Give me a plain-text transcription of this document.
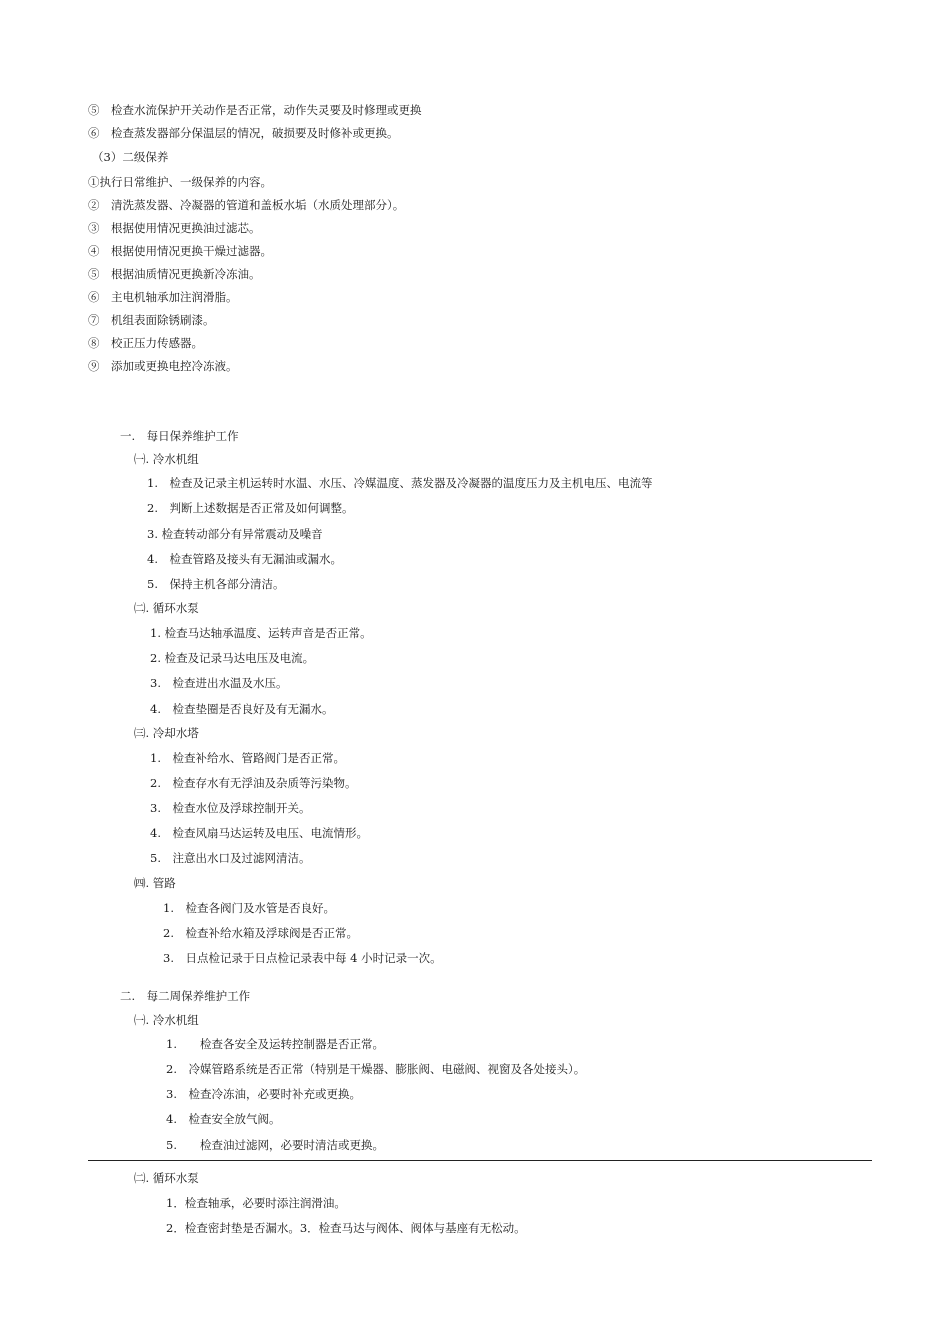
⑤　检查水流保护开关动作是否正常，动作失灵要及时修理或更换
⑥　检查蒸发器部分保温层的情况，破损要及时修补或更换。
（3）二级保养
①执行日常维护、一级保养的内容。
②　清洗蒸发器、冷凝器的管道和盖板水垢（水质处理部分）。
③　根据使用情况更换油过滤芯。
④　根据使用情况更换干燥过滤器。
⑤　根据油质情况更换新冷冻油。
⑥　主电机轴承加注润滑脂。
⑦　机组表面除锈刷漆。
⑧　校正压力传感器。
⑨　添加或更换电控冷冻液。
一.　每日保养维护工作
㈠. 冷水机组
1.　检查及记录主机运转时水温、水压、冷媒温度、蒸发器及冷凝器的温度压力及主机电压、电流等
2.　判断上述数据是否正常及如何调整。
3. 检查转动部分有异常震动及噪音
4.　检查管路及接头有无漏油或漏水。
5.　保持主机各部分清洁。
㈡. 循环水泵
1. 检查马达轴承温度、运转声音是否正常。
2. 检查及记录马达电压及电流。
3.　检查进出水温及水压。
4.　检查垫圈是否良好及有无漏水。
㈢. 冷却水塔
1.　检查补给水、管路阀门是否正常。
2.　检查存水有无浮油及杂质等污染物。
3.　检查水位及浮球控制开关。
4.　检查风扇马达运转及电压、电流情形。
5.　注意出水口及过滤网清洁。
㈣. 管路
1.　检查各阀门及水管是否良好。
2.　检查补给水箱及浮球阀是否正常。
3.　日点检记录于日点检记录表中每 4 小时记录一次。
二.　每二周保养维护工作
㈠. 冷水机组
1.　　检查各安全及运转控制器是否正常。
2.　冷媒管路系统是否正常（特别是干燥器、膨胀阀、电磁阀、视窗及各处接头）。
3.　检查冷冻油，必要时补充或更换。
4.　检查安全放气阀。
5.　　检查油过滤网，必要时清洁或更换。
㈡. 循环水泵
1．检查轴承，必要时添注润滑油。
2．检查密封垫是否漏水。3．检查马达与阀体、阀体与基座有无松动。
